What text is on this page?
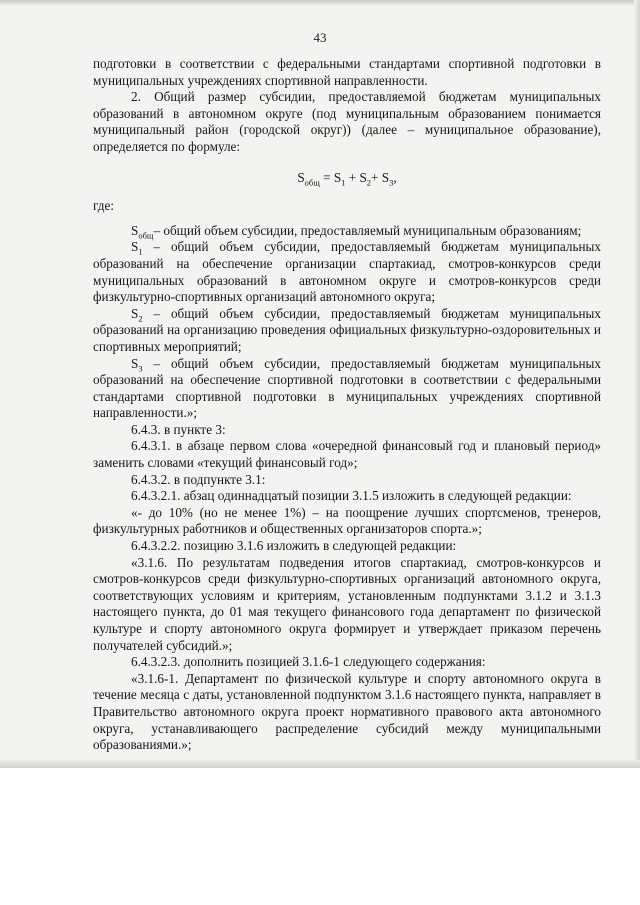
43

подготовки в соответствии с федеральными стандартами спортивной подготовки в муниципальных учреждениях спортивной направленности.

2. Общий размер субсидии, предоставляемой бюджетам муниципальных образований в автономном округе (под муниципальным образованием понимается муниципальный район (городской округ)) (далее – муниципальное образование), определяется по формуле:

$S_{общ} = S_1 + S_2+ S_3$,

где:

$S_{общ}-$ общий объем субсидии, предоставляемый муниципальным образованиям;

$S_1$ – общий объем субсидии, предоставляемый бюджетам муниципальных образований на обеспечение организации спартакиад, смотров-конкурсов среди муниципальных образований в автономном округе и смотров-конкурсов среди физкультурно-спортивных организаций автономного округа;

$S_2$ – общий объем субсидии, предоставляемый бюджетам муниципальных образований на организацию проведения официальных физкультурно-оздоровительных и спортивных мероприятий;

$S_3$ – общий объем субсидии, предоставляемый бюджетам муниципальных образований на обеспечение спортивной подготовки в соответствии с федеральными стандартами спортивной подготовки в муниципальных учреждениях спортивной направленности.»;

6.4.3. в пункте 3:

6.4.3.1. в абзаце первом слова «очередной финансовый год и плановый период» заменить словами «текущий финансовый год»;

6.4.3.2. в подпункте 3.1:

6.4.3.2.1. абзац одиннадцатый позиции 3.1.5 изложить в следующей редакции:

«- до 10% (но не менее 1%) – на поощрение лучших спортсменов, тренеров, физкультурных работников и общественных организаторов спорта.»;

6.4.3.2.2. позицию 3.1.6 изложить в следующей редакции:

«3.1.6. По результатам подведения итогов спартакиад, смотров-конкурсов и смотров-конкурсов среди физкультурно-спортивных организаций автономного округа, соответствующих условиям и критериям, установленным подпунктами 3.1.2 и 3.1.3 настоящего пункта, до 01 мая текущего финансового года департамент по физической культуре и спорту автономного округа формирует и утверждает приказом перечень получателей субсидий.»;

6.4.3.2.3. дополнить позицией 3.1.6-1 следующего содержания:

«3.1.6-1. Департамент по физической культуре и спорту автономного округа в течение месяца с даты, установленной подпунктом 3.1.6 настоящего пункта, направляет в Правительство автономного округа проект нормативного правового акта автономного округа, устанавливающего распределение субсидий между муниципальными образованиями.»;
